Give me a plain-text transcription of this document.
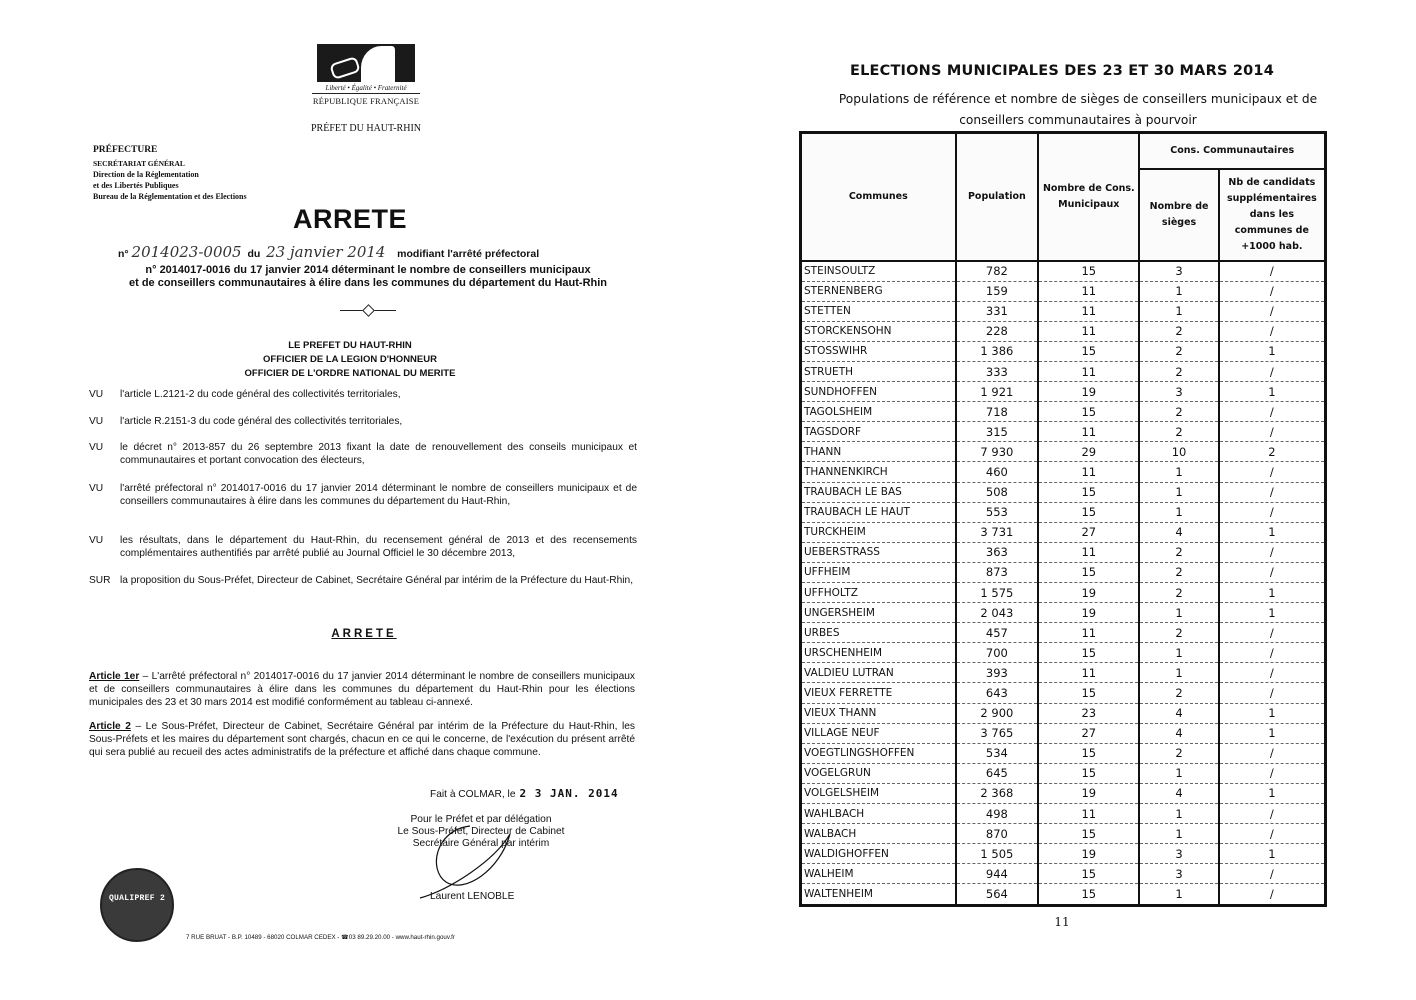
Liberté • Égalité • Fraternité
RÉPUBLIQUE FRANÇAISE
PRÉFET DU HAUT-RHIN
PRÉFECTURE
SECRÉTARIAT GÉNÉRAL
Direction de la Réglementation
et des Libertés Publiques
Bureau de la Réglementation et des Elections
ARRETE
n° 2014023-0005 du 23 janvier 2014 modifiant l'arrêté préfectoral
n° 2014017-0016 du 17 janvier 2014 déterminant le nombre de conseillers municipaux
et de conseillers communautaires à élire dans les communes du département du Haut-Rhin
LE PREFET DU HAUT-RHIN
OFFICIER DE LA LEGION D'HONNEUR
OFFICIER DE L'ORDRE NATIONAL DU MERITE
VU	l'article L.2121-2 du code général des collectivités territoriales,
VU	l'article R.2151-3 du code général des collectivités territoriales,
VU	le décret n° 2013-857 du 26 septembre 2013 fixant la date de renouvellement des conseils municipaux et communautaires et portant convocation des électeurs,
VU	l'arrêté préfectoral n° 2014017-0016 du 17 janvier 2014 déterminant le nombre de conseillers municipaux et de conseillers communautaires à élire dans les communes du département du Haut-Rhin,
VU	les résultats, dans le département du Haut-Rhin, du recensement général de 2013 et des recensements complémentaires authentifiés par arrêté publié au Journal Officiel le 30 décembre 2013,
SUR la proposition du Sous-Préfet, Directeur de Cabinet, Secrétaire Général par intérim de la Préfecture du Haut-Rhin,
ARRETE
Article 1er – L'arrêté préfectoral n° 2014017-0016 du 17 janvier 2014 déterminant le nombre de conseillers municipaux et de conseillers communautaires à élire dans les communes du département du Haut-Rhin pour les élections municipales des 23 et 30 mars 2014 est modifié conformément au tableau ci-annexé.
Article 2 – Le Sous-Préfet, Directeur de Cabinet, Secrétaire Général par intérim de la Préfecture du Haut-Rhin, les Sous-Préfets et les maires du département sont chargés, chacun en ce qui le concerne, de l'exécution du présent arrêté qui sera publié au recueil des actes administratifs de la préfecture et affiché dans chaque commune.
Fait à COLMAR, le 2 3 JAN. 2014
Pour le Préfet et par délégation
Le Sous-Préfet, Directeur de Cabinet
Secrétaire Général par intérim
Laurent LENOBLE
QUALIPREF 2
7 RUE BRUAT - B.P. 10489 - 68020 COLMAR CEDEX - ☎03 89.29.20.00 - www.haut-rhin.gouv.fr
ELECTIONS MUNICIPALES DES 23 ET 30 MARS 2014
Populations de référence et nombre de sièges de conseillers municipaux et de conseillers communautaires à pourvoir
Communes	Population	Nombre de Cons. Municipaux	Cons. Communautaires	
			Nombre de sièges	Nb de candidats supplémentaires dans les communes de +1000 hab.
STEINSOULTZ	782	15	3	/
STERNENBERG	159	11	1	/
STETTEN	331	11	1	/
STORCKENSOHN	228	11	2	/
STOSSWIHR	1 386	15	2	1
STRUETH	333	11	2	/
SUNDHOFFEN	1 921	19	3	1
TAGOLSHEIM	718	15	2	/
TAGSDORF	315	11	2	/
THANN	7 930	29	10	2
THANNENKIRCH	460	11	1	/
TRAUBACH LE BAS	508	15	1	/
TRAUBACH LE HAUT	553	15	1	/
TURCKHEIM	3 731	27	4	1
UEBERSTRASS	363	11	2	/
UFFHEIM	873	15	2	/
UFFHOLTZ	1 575	19	2	1
UNGERSHEIM	2 043	19	1	1
URBES	457	11	2	/
URSCHENHEIM	700	15	1	/
VALDIEU LUTRAN	393	11	1	/
VIEUX FERRETTE	643	15	2	/
VIEUX THANN	2 900	23	4	1
VILLAGE NEUF	3 765	27	4	1
VOEGTLINGSHOFFEN	534	15	2	/
VOGELGRUN	645	15	1	/
VOLGELSHEIM	2 368	19	4	1
WAHLBACH	498	11	1	/
WALBACH	870	15	1	/
WALDIGHOFFEN	1 505	19	3	1
WALHEIM	944	15	3	/
WALTENHEIM	564	15	1	/
11
